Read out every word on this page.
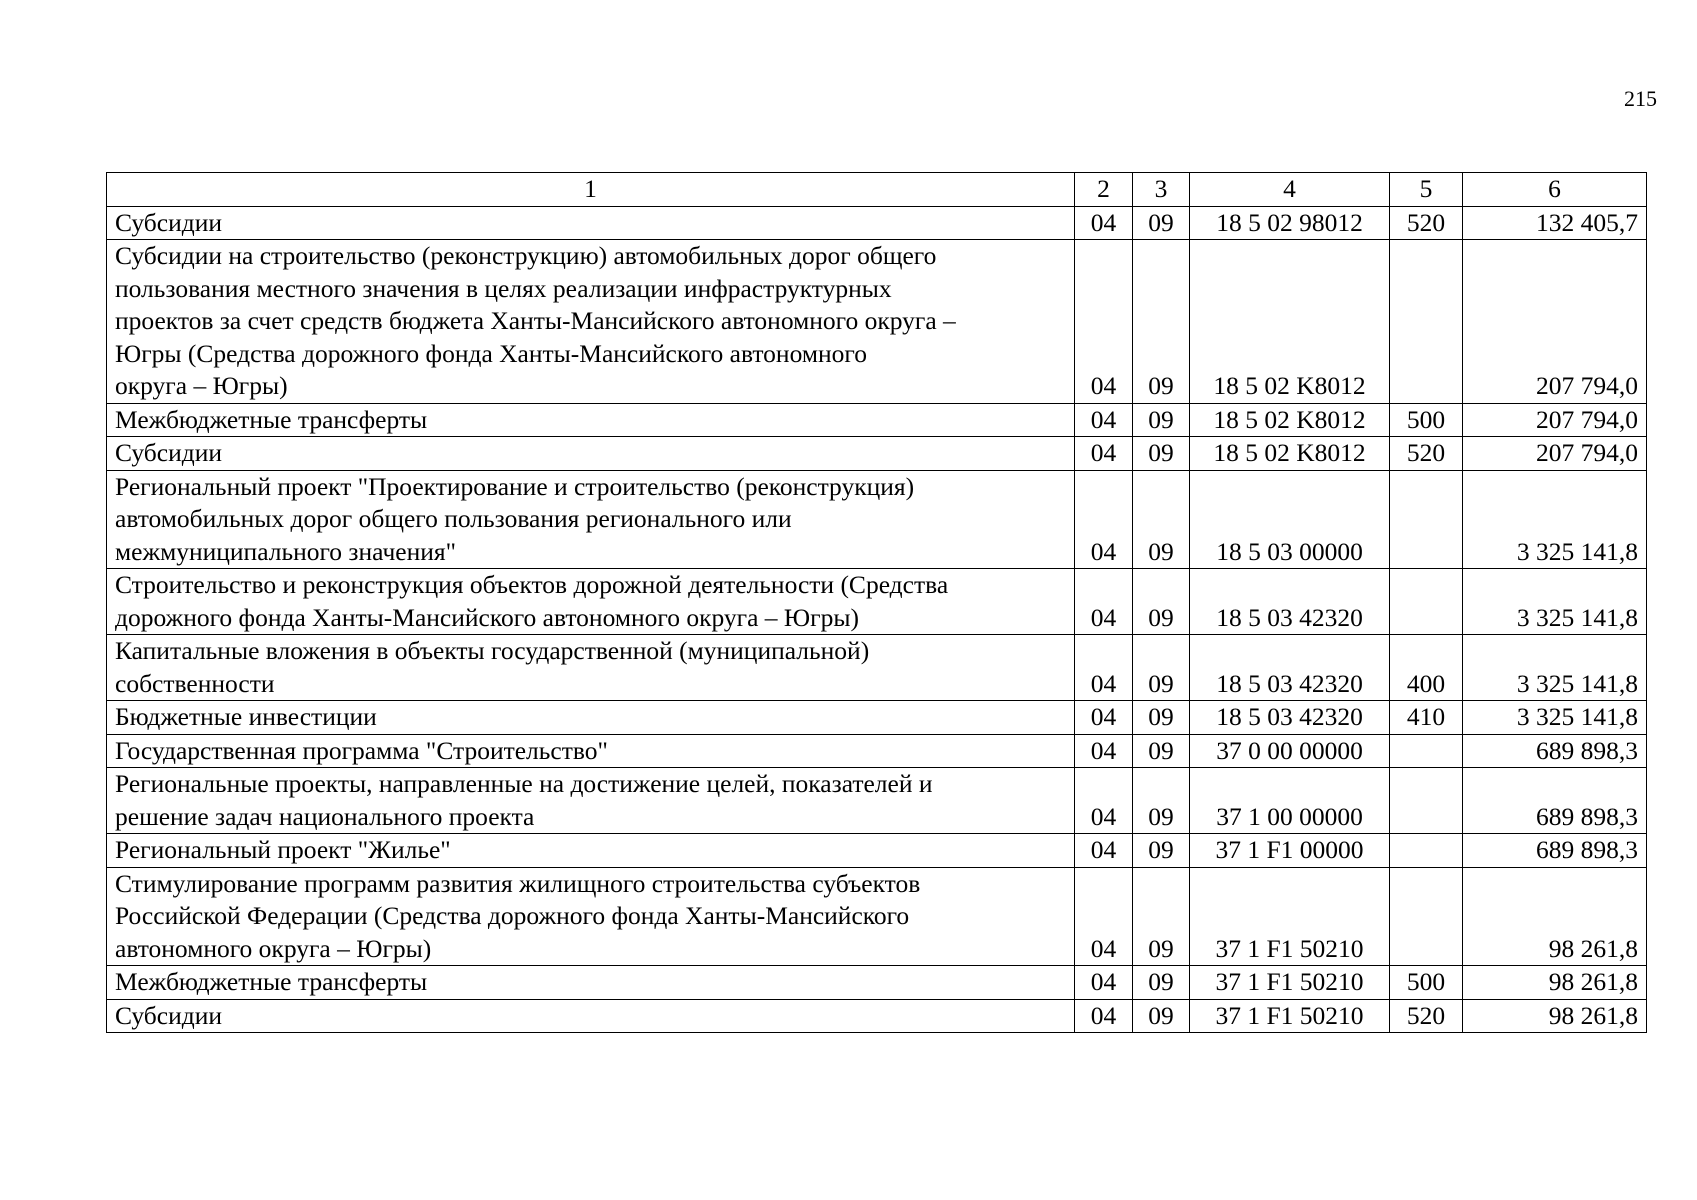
215
1	2	3	4	5	6

Субсидии	04	09	18 5 02 98012	520	132 405,7

Субсидии на строительство (реконструкцию) автомобильных дорог общего
пользования местного значения в целях реализации инфраструктурных
проектов за счет средств бюджета Ханты-Мансийского автономного округа –
Югры (Средства дорожного фонда Ханты-Мансийского автономного
округа – Югры)	04	09	18 5 02 K8012		207 794,0

Межбюджетные трансферты	04	09	18 5 02 K8012	500	207 794,0

Субсидии	04	09	18 5 02 K8012	520	207 794,0

Региональный проект "Проектирование и строительство (реконструкция)
автомобильных дорог общего пользования регионального или
межмуниципального значения"	04	09	18 5 03 00000		3 325 141,8

Строительство и реконструкция объектов дорожной деятельности (Средства
дорожного фонда Ханты-Мансийского автономного округа – Югры)	04	09	18 5 03 42320		3 325 141,8

Капитальные вложения в объекты государственной (муниципальной)
собственности	04	09	18 5 03 42320	400	3 325 141,8

Бюджетные инвестиции	04	09	18 5 03 42320	410	3 325 141,8

Государственная программа "Строительство"	04	09	37 0 00 00000		689 898,3

Региональные проекты, направленные на достижение целей, показателей и
решение задач национального проекта	04	09	37 1 00 00000		689 898,3

Региональный проект "Жилье"	04	09	37 1 F1 00000		689 898,3

Стимулирование программ развития жилищного строительства субъектов
Российской Федерации (Средства дорожного фонда Ханты-Мансийского
автономного округа – Югры)	04	09	37 1 F1 50210		98 261,8

Межбюджетные трансферты	04	09	37 1 F1 50210	500	98 261,8

Субсидии	04	09	37 1 F1 50210	520	98 261,8
